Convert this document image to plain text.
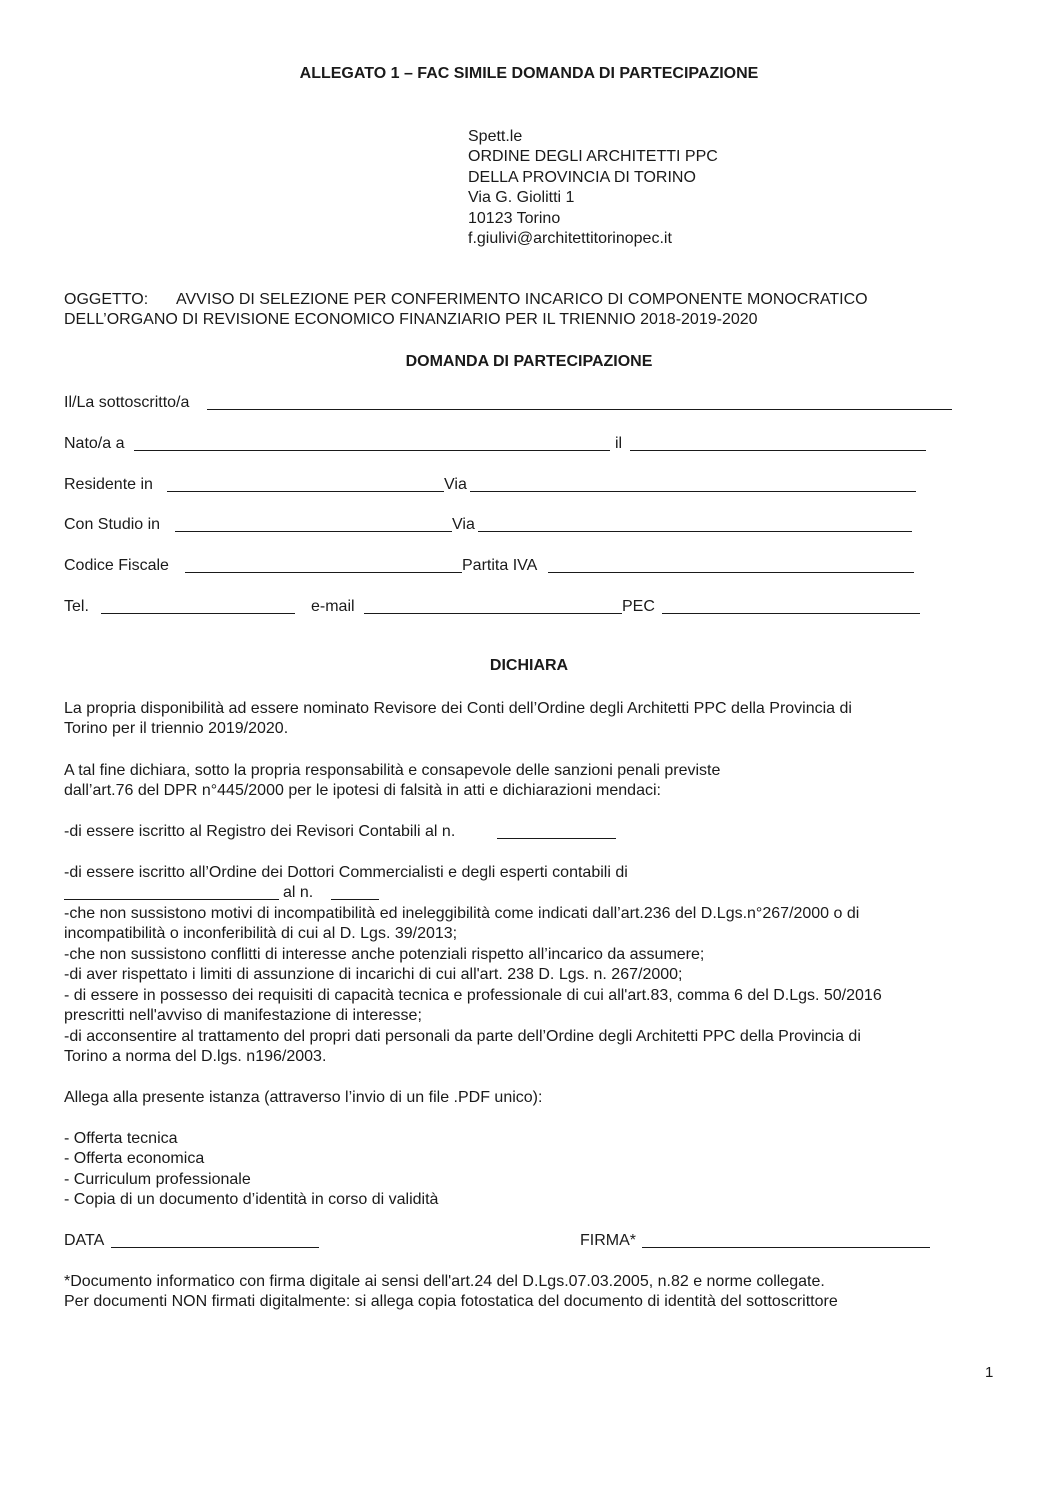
ALLEGATO 1 – FAC SIMILE DOMANDA DI PARTECIPAZIONE
Spett.le
ORDINE DEGLI ARCHITETTI PPC
DELLA PROVINCIA DI TORINO
Via G. Giolitti 1
10123 Torino
f.giulivi@architettitorinopec.it
OGGETTO: AVVISO DI SELEZIONE PER CONFERIMENTO INCARICO DI COMPONENTE MONOCRATICO
DELL’ORGANO DI REVISIONE ECONOMICO FINANZIARIO PER IL TRIENNIO 2018-2019-2020
DOMANDA DI PARTECIPAZIONE
Il/La sottoscritto/a
Nato/a a	il
Residente in	Via
Con Studio in	Via
Codice Fiscale	Partita IVA
Tel.	e-mail	PEC
DICHIARA
La propria disponibilità ad essere nominato Revisore dei Conti dell’Ordine degli Architetti PPC della Provincia di
Torino per il triennio 2019/2020.
A tal fine dichiara, sotto la propria responsabilità e consapevole delle sanzioni penali previste
dall’art.76 del DPR n°445/2000 per le ipotesi di falsità in atti e dichiarazioni mendaci:
-di essere iscritto al Registro dei Revisori Contabili al n.
-di essere iscritto all’Ordine dei Dottori Commercialisti e degli esperti contabili di
al n.
-che non sussistono motivi di incompatibilità ed ineleggibilità come indicati dall’art.236 del D.Lgs.n°267/2000 o di
incompatibilità o inconferibilità di cui al D. Lgs. 39/2013;
-che non sussistono conflitti di interesse anche potenziali rispetto all’incarico da assumere;
-di aver rispettato i limiti di assunzione di incarichi di cui all'art. 238 D. Lgs. n. 267/2000;
- di essere in possesso dei requisiti di capacità tecnica e professionale di cui all'art.83, comma 6 del D.Lgs. 50/2016
prescritti nell'avviso di manifestazione di interesse;
-di acconsentire al trattamento del propri dati personali da parte dell’Ordine degli Architetti PPC della Provincia di
Torino a norma del D.lgs. n196/2003.
Allega alla presente istanza (attraverso l’invio di un file .PDF unico):
- Offerta tecnica
- Offerta economica
- Curriculum professionale
- Copia di un documento d’identità in corso di validità
DATA	FIRMA*
*Documento informatico con firma digitale ai sensi dell'art.24 del D.Lgs.07.03.2005, n.82 e norme collegate.
Per documenti NON firmati digitalmente: si allega copia fotostatica del documento di identità del sottoscrittore
1
